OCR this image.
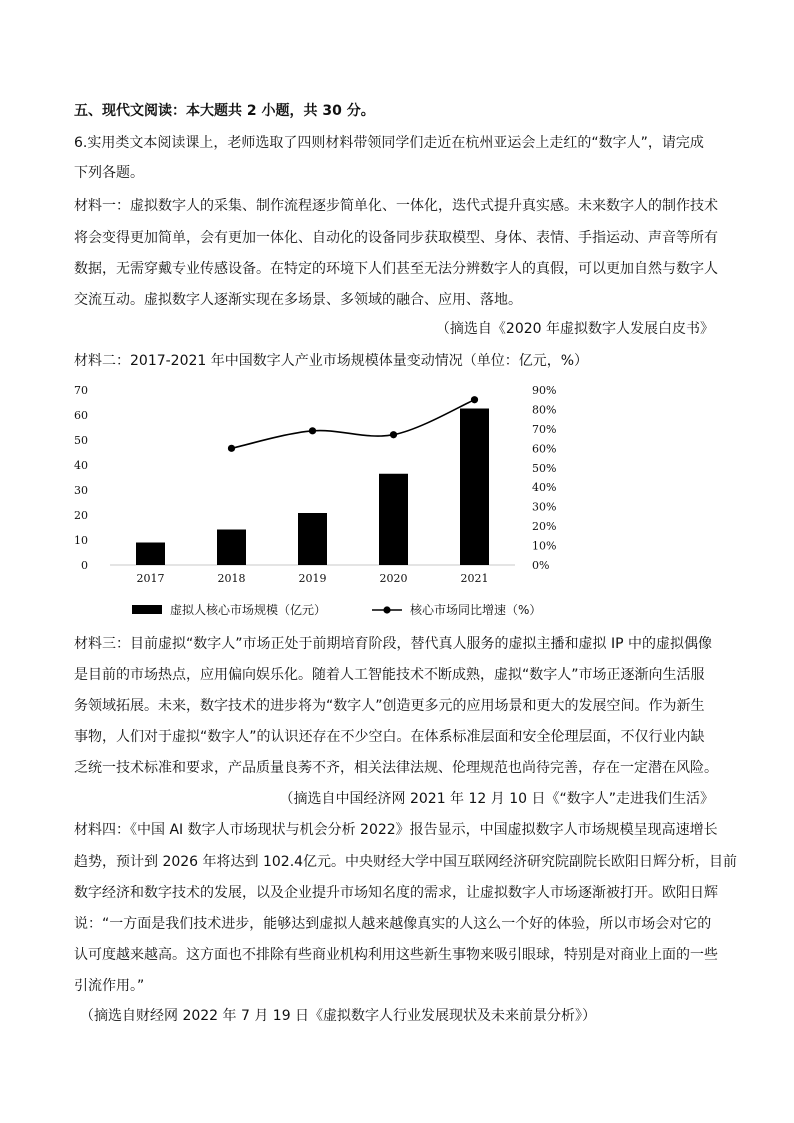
五、现代文阅读：本大题共 2 小题，共 30 分。
6.实用类文本阅读课上，老师选取了四则材料带领同学们走近在杭州亚运会上走红的“数字人”，请完成
下列各题。
材料一：虚拟数字人的采集、制作流程逐步简单化、一体化，迭代式提升真实感。未来数字人的制作技术
将会变得更加简单，会有更加一体化、自动化的设备同步获取模型、身体、表情、手指运动、声音等所有
数据，无需穿戴专业传感设备。在特定的环境下人们甚至无法分辨数字人的真假，可以更加自然与数字人
交流互动。虚拟数字人逐渐实现在多场景、多领域的融合、应用、落地。
（摘选自《2020 年虚拟数字人发展白皮书》
材料二：2017-2021 年中国数字人产业市场规模体量变动情况（单位：亿元，%）
0
10
20
30
40
50
60
70
0%
10%
20%
30%
40%
50%
60%
70%
80%
90%
2017	2018	2019	2020	2021
虚拟人核心市场规模（亿元）	核心市场同比增速（%）
材料三：目前虚拟“数字人”市场正处于前期培育阶段，替代真人服务的虚拟主播和虚拟 IP 中的虚拟偶像
是目前的市场热点，应用偏向娱乐化。随着人工智能技术不断成熟，虚拟“数字人”市场正逐渐向生活服
务领域拓展。未来，数字技术的进步将为“数字人”创造更多元的应用场景和更大的发展空间。作为新生
事物，人们对于虚拟“数字人”的认识还存在不少空白。在体系标准层面和安全伦理层面，不仅行业内缺
乏统一技术标准和要求，产品质量良莠不齐，相关法律法规、伦理规范也尚待完善，存在一定潜在风险。
（摘选自中国经济网 2021 年 12 月 10 日《“数字人”走进我们生活》
材料四：《中国 AI 数字人市场现状与机会分析 2022》报告显示，中国虚拟数字人市场规模呈现高速增长
趋势，预计到 2026 年将达到 102.4亿元。中央财经大学中国互联网经济研究院副院长欧阳日辉分析，目前
数字经济和数字技术的发展，以及企业提升市场知名度的需求，让虚拟数字人市场逐渐被打开。欧阳日辉
说：“一方面是我们技术进步，能够达到虚拟人越来越像真实的人这么一个好的体验，所以市场会对它的
认可度越来越高。这方面也不排除有些商业机构利用这些新生事物来吸引眼球，特别是对商业上面的一些
引流作用。”
（摘选自财经网 2022 年 7 月 19 日《虚拟数字人行业发展现状及未来前景分析》）
